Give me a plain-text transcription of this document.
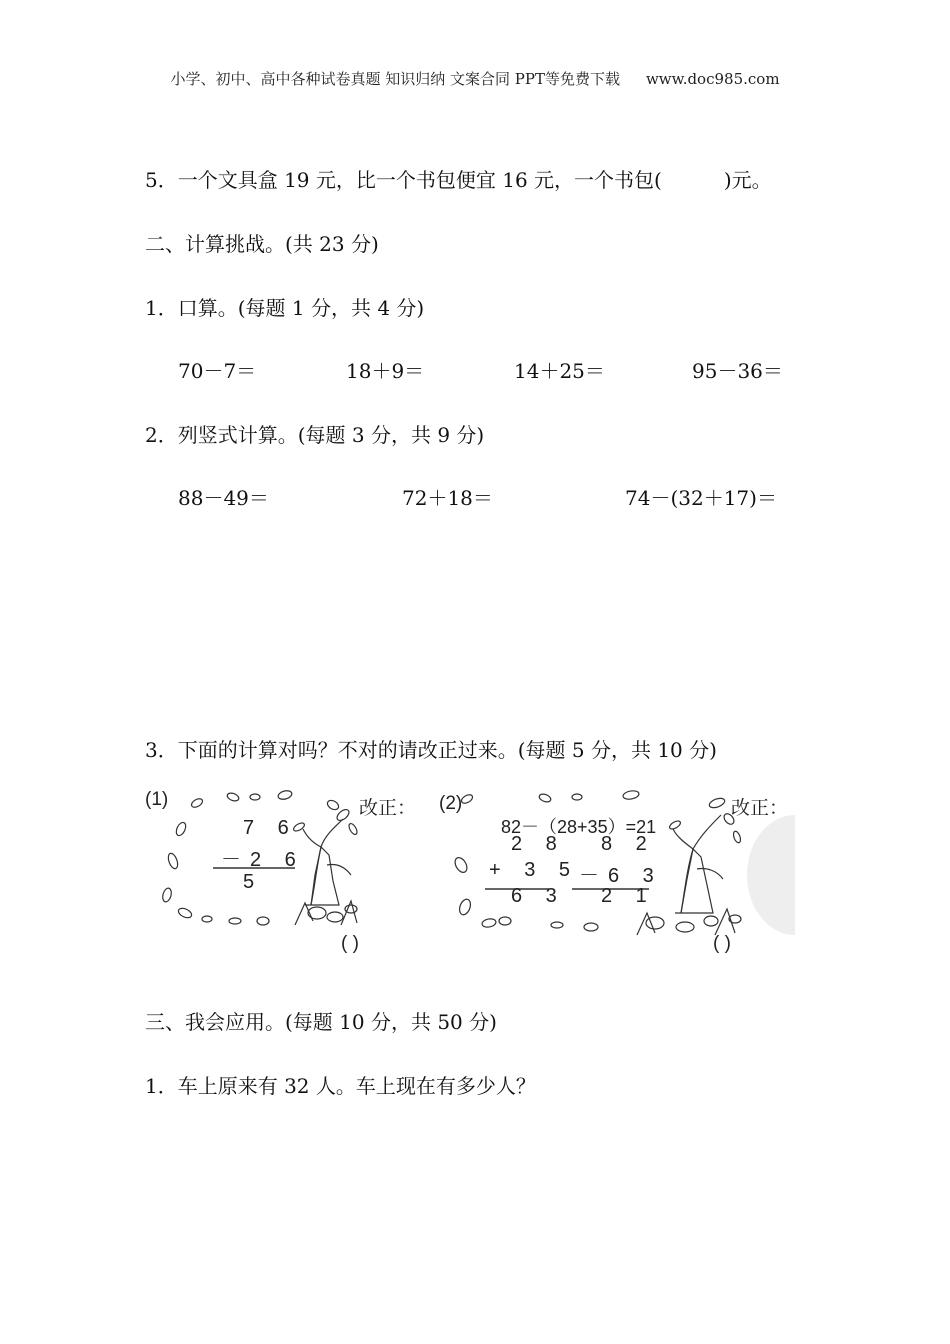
小学、初中、高中各种试卷真题 知识归纳 文案合同 PPT等免费下载 www.doc985.com
5．一个文具盒 19 元，比一个书包便宜 16 元，一个书包(	)元。
二、计算挑战。(共 23 分)
1．口算。(每题 1 分，共 4 分)
70－7＝	18＋9＝	14＋25＝	95－36＝
2．列竖式计算。(每题 3 分，共 9 分)
88－49＝	72＋18＝	74－(32＋17)＝
3．下面的计算对吗？不对的请改正过来。(每题 5 分，共 10 分)
(1)	改正：
7 6
－2 6
5
( )
(2)	改正：
82－（28+35）=21
2 8
+ 3 5
6 3
8 2
－6 3
2 1
( )
三、我会应用。(每题 10 分，共 50 分)
1．车上原来有 32 人。车上现在有多少人？
